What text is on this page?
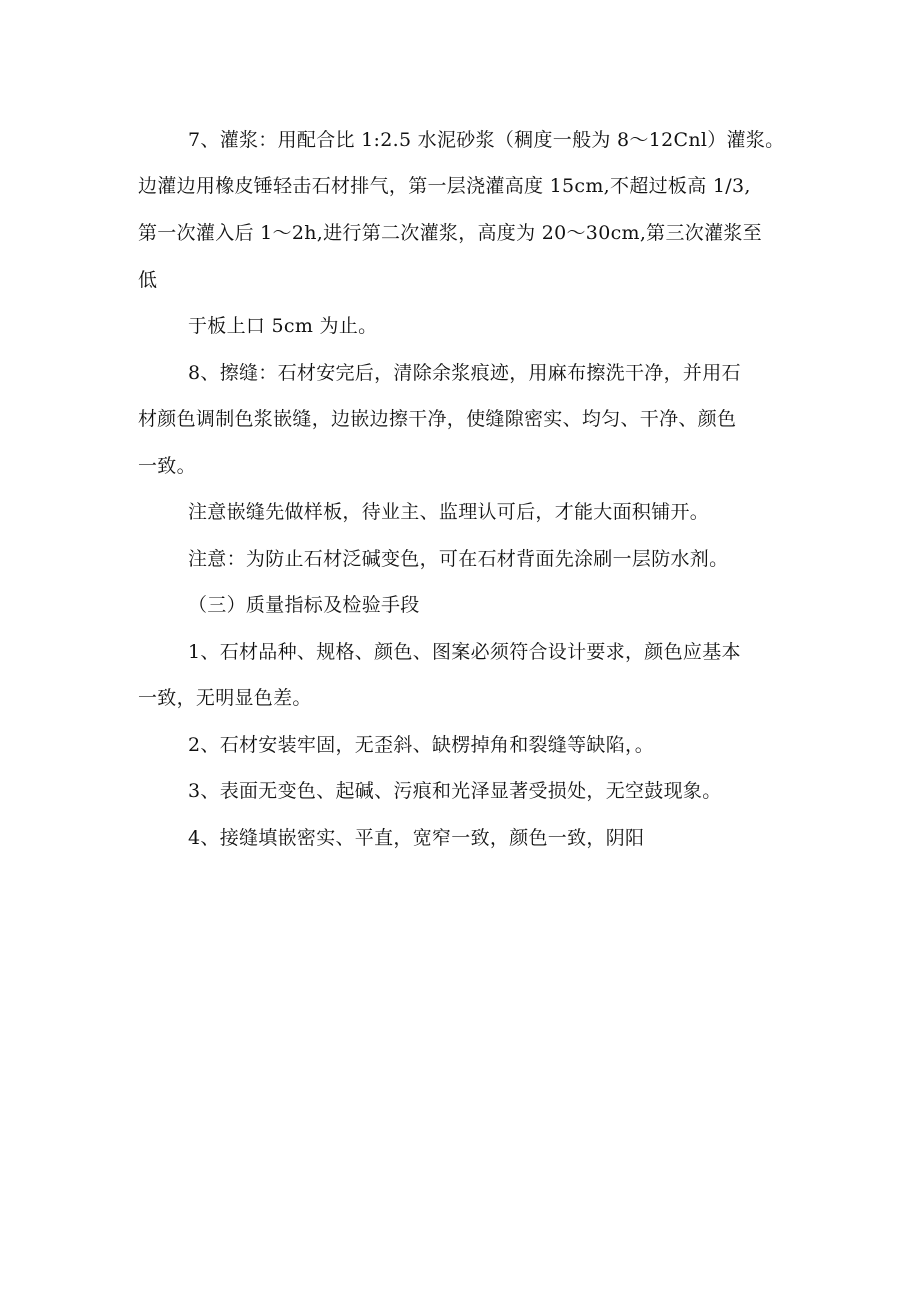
7、灌浆：用配合比 1:2.5 水泥砂浆（稠度一般为 8～12Cnl）灌浆。
边灌边用橡皮锤轻击石材排气，第一层浇灌高度 15cm,不超过板高 1/3,
第一次灌入后 1～2h,进行第二次灌浆，高度为 20～30cm,第三次灌浆至
低
于板上口 5cm 为止。
8、擦缝：石材安完后，清除余浆痕迹，用麻布擦洗干净，并用石
材颜色调制色浆嵌缝，边嵌边擦干净，使缝隙密实、均匀、干净、颜色
一致。
注意嵌缝先做样板，待业主、监理认可后，才能大面积铺开。
注意：为防止石材泛碱变色，可在石材背面先涂刷一层防水剂。
（三）质量指标及检验手段
1、石材品种、规格、颜色、图案必须符合设计要求，颜色应基本
一致，无明显色差。
2、石材安装牢固，无歪斜、缺楞掉角和裂缝等缺陷，。
3、表面无变色、起碱、污痕和光泽显著受损处，无空鼓现象。
4、接缝填嵌密实、平直，宽窄一致，颜色一致，阴阳
